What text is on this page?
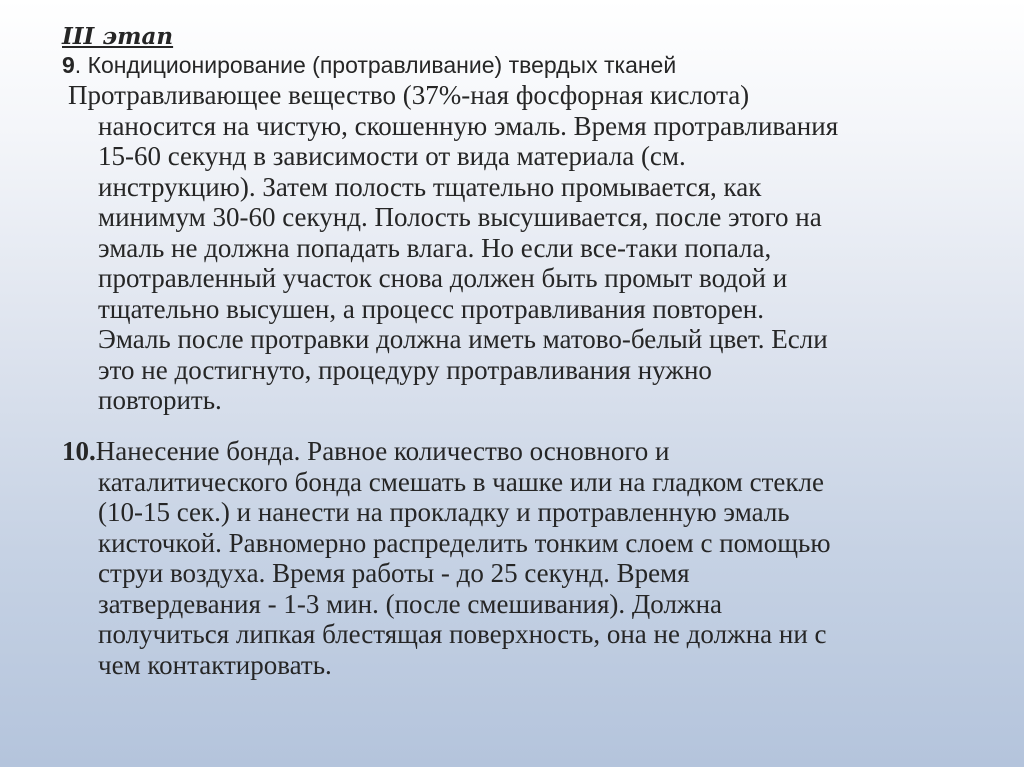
III этап
9. Кондиционирование (протравливание) твердых тканей
Протравливающее вещество (37%-ная фосфорная кислота)
наносится на чистую, скошенную эмаль. Время протравливания
15-60 секунд в зависимости от вида материала (см.
инструкцию). Затем полость тщательно промывается, как
минимум 30-60 секунд. Полость высушивается, после этого на
эмаль не должна попадать влага. Но если все-таки попала,
протравленный участок снова должен быть промыт водой и
тщательно высушен, а процесс протравливания повторен.
Эмаль после протравки должна иметь матово-белый цвет. Если
это не достигнуто, процедуру протравливания нужно
повторить.
10.Нанесение бонда. Равное количество основного и
каталитического бонда смешать в чашке или на гладком стекле
(10-15 сек.) и нанести на прокладку и протравленную эмаль
кисточкой. Равномерно распределить тонким слоем с помощью
струи воздуха. Время работы - до 25 секунд. Время
затвердевания - 1-3 мин. (после смешивания). Должна
получиться липкая блестящая поверхность, она не должна ни с
чем контактировать.
